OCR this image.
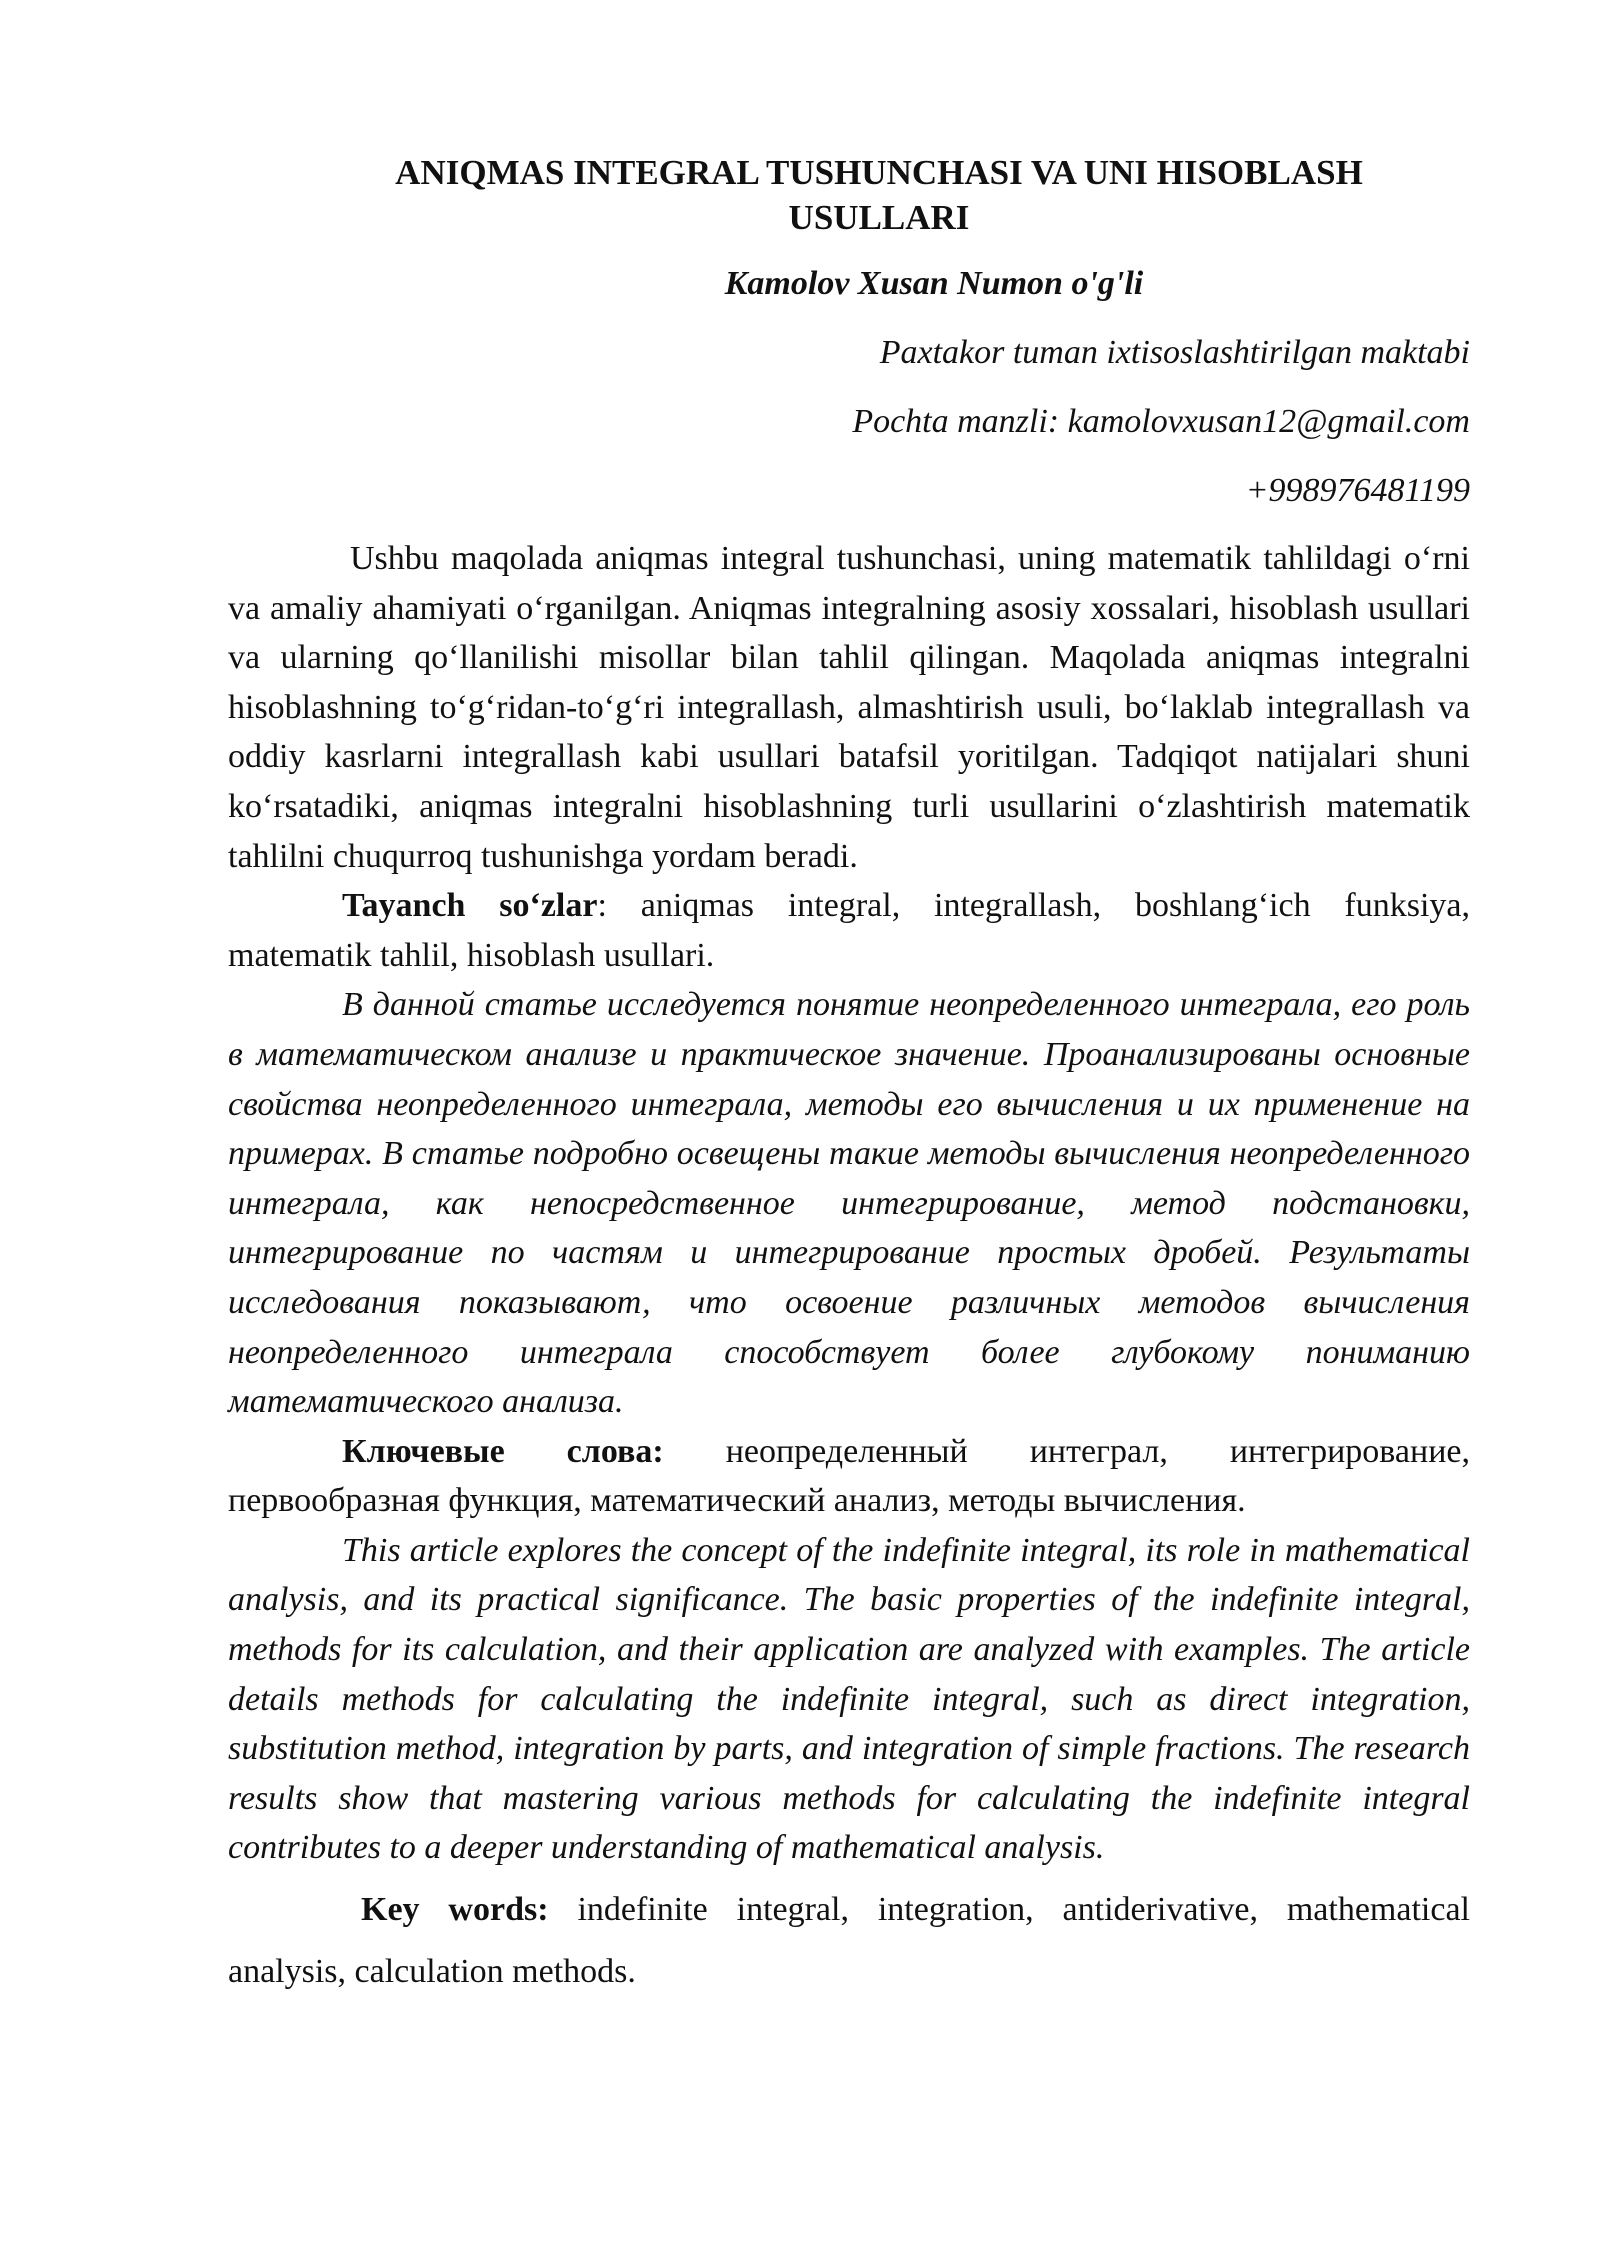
ANIQMAS INTEGRAL TUSHUNCHASI VA UNI HISOBLASH
USULLARI
Kamolov Xusan Numon o'g'li
Paxtakor tuman ixtisoslashtirilgan maktabi
Pochta manzli: kamolovxusan12@gmail.com
+998976481199

Ushbu maqolada aniqmas integral tushunchasi, uning matematik tahlildagi o‘rni va amaliy ahamiyati o‘rganilgan. Aniqmas integralning asosiy xossalari, hisoblash usullari va ularning qo‘llanilishi misollar bilan tahlil qilingan. Maqolada aniqmas integralni hisoblashning to‘g‘ridan-to‘g‘ri integrallash, almashtirish usuli, bo‘laklab integrallash va oddiy kasrlarni integrallash kabi usullari batafsil yoritilgan. Tadqiqot natijalari shuni ko‘rsatadiki, aniqmas integralni hisoblashning turli usullarini o‘zlashtirish matematik tahlilni chuqurroq tushunishga yordam beradi.

Tayanch so‘zlar: aniqmas integral, integrallash, boshlang‘ich funksiya, matematik tahlil, hisoblash usullari.

В данной статье исследуется понятие неопределенного интеграла, его роль в математическом анализе и практическое значение. Проанализированы основные свойства неопределенного интеграла, методы его вычисления и их применение на примерах. В статье подробно освещены такие методы вычисления неопределенного интеграла, как непосредственное интегрирование, метод подстановки, интегрирование по частям и интегрирование простых дробей. Результаты исследования показывают, что освоение различных методов вычисления неопределенного интеграла способствует более глубокому пониманию математического анализа.

Ключевые слова: неопределенный интеграл, интегрирование, первообразная функция, математический анализ, методы вычисления.

This article explores the concept of the indefinite integral, its role in mathematical analysis, and its practical significance. The basic properties of the indefinite integral, methods for its calculation, and their application are analyzed with examples. The article details methods for calculating the indefinite integral, such as direct integration, substitution method, integration by parts, and integration of simple fractions. The research results show that mastering various methods for calculating the indefinite integral contributes to a deeper understanding of mathematical analysis.

Key words: indefinite integral, integration, antiderivative, mathematical analysis, calculation methods.
